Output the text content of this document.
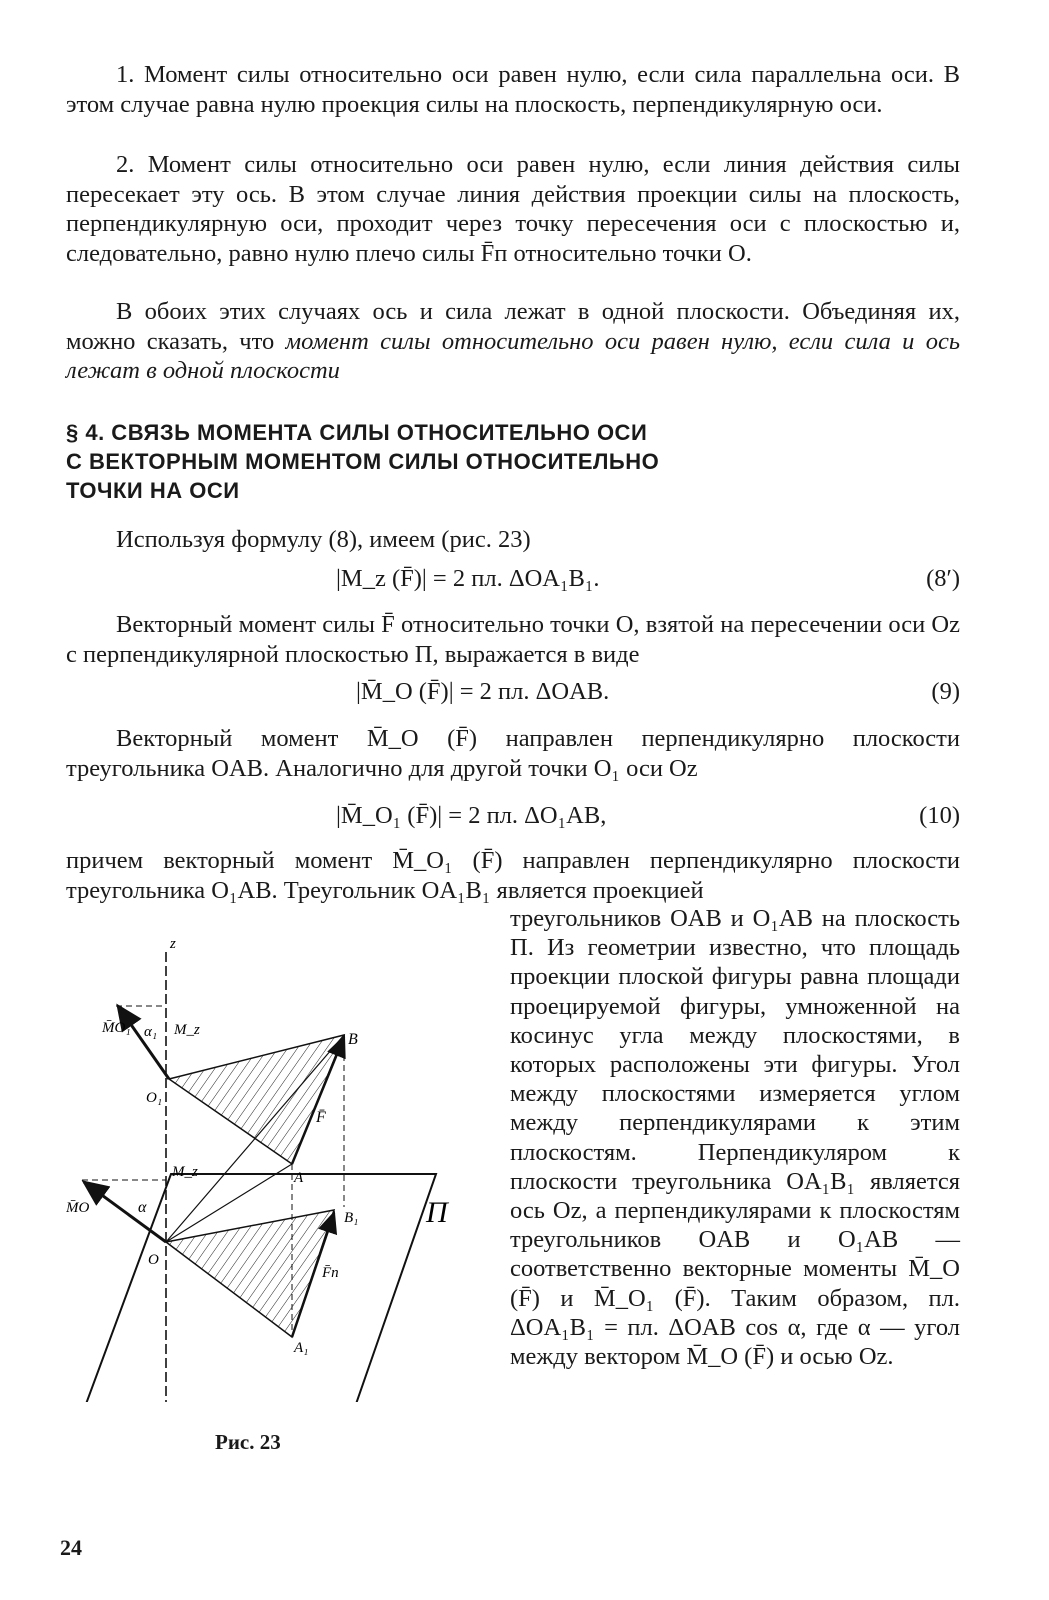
1. Момент силы относительно оси равен нулю, если сила параллельна оси. В этом случае равна нулю проекция силы на плоскость, перпендикулярную оси.

2. Момент силы относительно оси равен нулю, если линия действия силы пересекает эту ось. В этом случае линия действия проекции силы на плоскость, перпендикулярную оси, проходит через точку пересечения оси с плоскостью и, следовательно, равно нулю плечо силы F̄п относительно точки O.

В обоих этих случаях ось и сила лежат в одной плоскости. Объединяя их, можно сказать, что момент силы относительно оси равен нулю, если сила и ось лежат в одной плоскости

§ 4. СВЯЗЬ МОМЕНТА СИЛЫ ОТНОСИТЕЛЬНО ОСИ
С ВЕКТОРНЫМ МОМЕНТОМ СИЛЫ ОТНОСИТЕЛЬНО
ТОЧКИ НА ОСИ

Используя формулу (8), имеем (рис. 23)

|M_z (F̄)| = 2 пл. ΔOA₁B₁.	(8′)

Векторный момент силы F̄ относительно точки O, взятой на пересечении оси Oz с перпендикулярной плоскостью П, выражается в виде

|M̄_O (F̄)| = 2 пл. ΔOAB.	(9)

Векторный момент M̄_O (F̄) направлен перпендикулярно плоскости треугольника OAB. Аналогично для другой точки O₁ оси Oz

|M̄_O₁ (F̄)| = 2 пл. ΔO₁AB,	(10)

причем векторный момент M̄_O₁ (F̄) направлен перпендикулярно плоскости треугольника O₁AB. Треугольник OA₁B₁ является проекцией

треугольников OAB и O₁AB на плоскость П. Из геометрии известно, что площадь проекции плоской фигуры равна площади проецируемой фигуры, умноженной на косинус угла между плоскостями, в которых расположены эти фигуры. Угол между плоскостями измеряется углом между перпендикулярами к этим плоскостям. Перпендикуляром к плоскости треугольника OA₁B₁ является ось Oz, а перпендикулярами к плоскостям треугольников OAB и O₁AB — соответственно векторные моменты M̄_O (F̄) и M̄_O₁ (F̄). Таким образом, пл. ΔOA₁B₁ = пл. ΔOAB cos α, где α — угол между вектором M̄_O (F̄) и осью Oz.

z
M̄O₁ α₁ M_z
B
O₁
F̄
M_z	A
M̄O	α
B₁ П
O
F̄п
A₁
Рис. 23
24
